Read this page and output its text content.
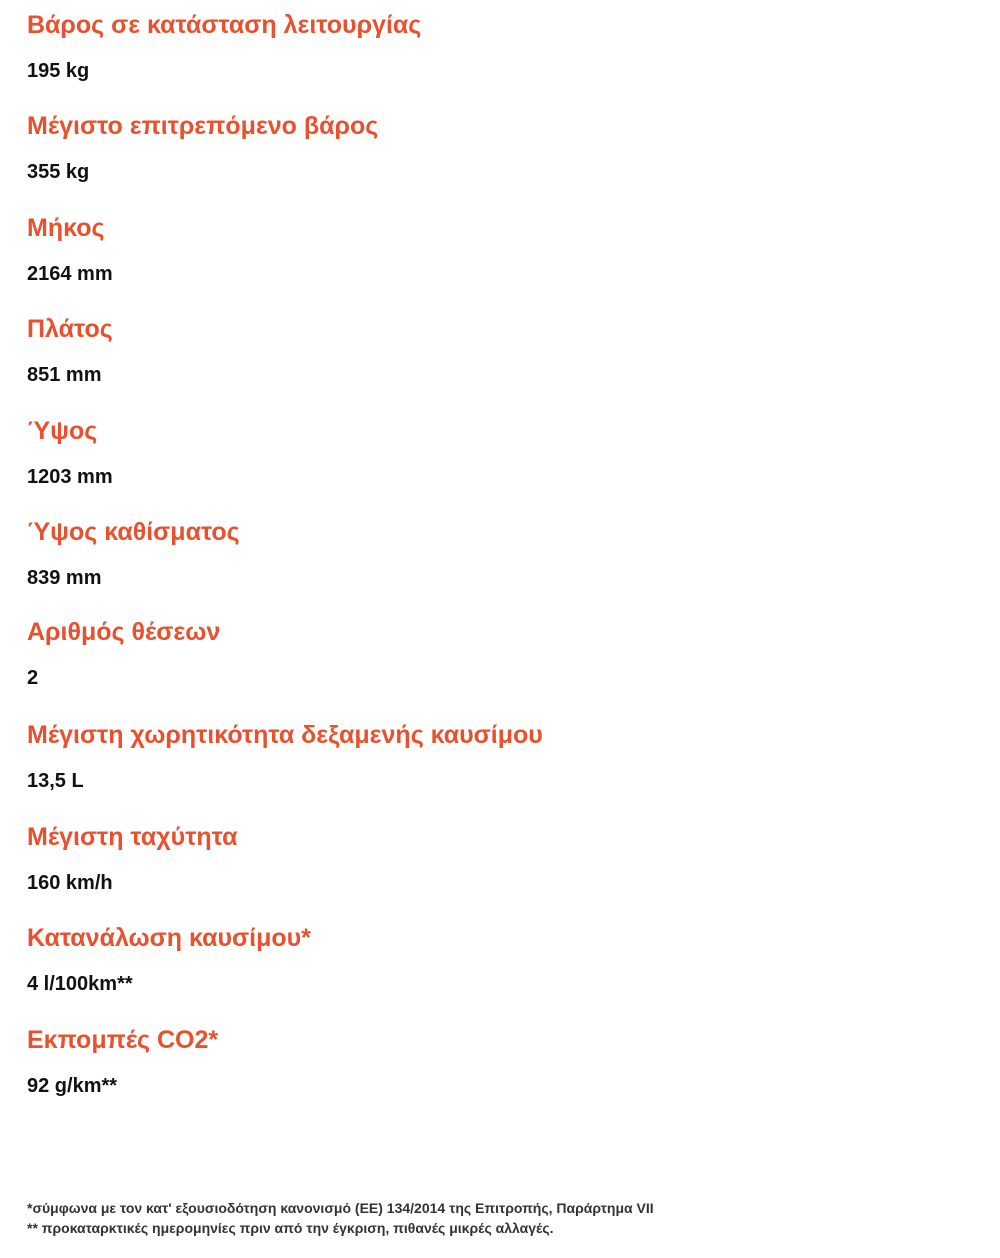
Βάρος σε κατάσταση λειτουργίας
195 kg
Μέγιστο επιτρεπόμενο βάρος
355 kg
Μήκος
2164 mm
Πλάτος
851 mm
Ύψος
1203 mm
Ύψος καθίσματος
839 mm
Αριθμός θέσεων
2
Μέγιστη χωρητικότητα δεξαμενής καυσίμου
13,5 L
Μέγιστη ταχύτητα
160 km/h
Κατανάλωση καυσίμου*
4 l/100km**
Εκπομπές CO2*
92 g/km**
*σύμφωνα με τον κατ' εξουσιοδότηση κανονισμό (ΕΕ) 134/2014 της Επιτροπής, Παράρτημα VII
** προκαταρκτικές ημερομηνίες πριν από την έγκριση, πιθανές μικρές αλλαγές.
